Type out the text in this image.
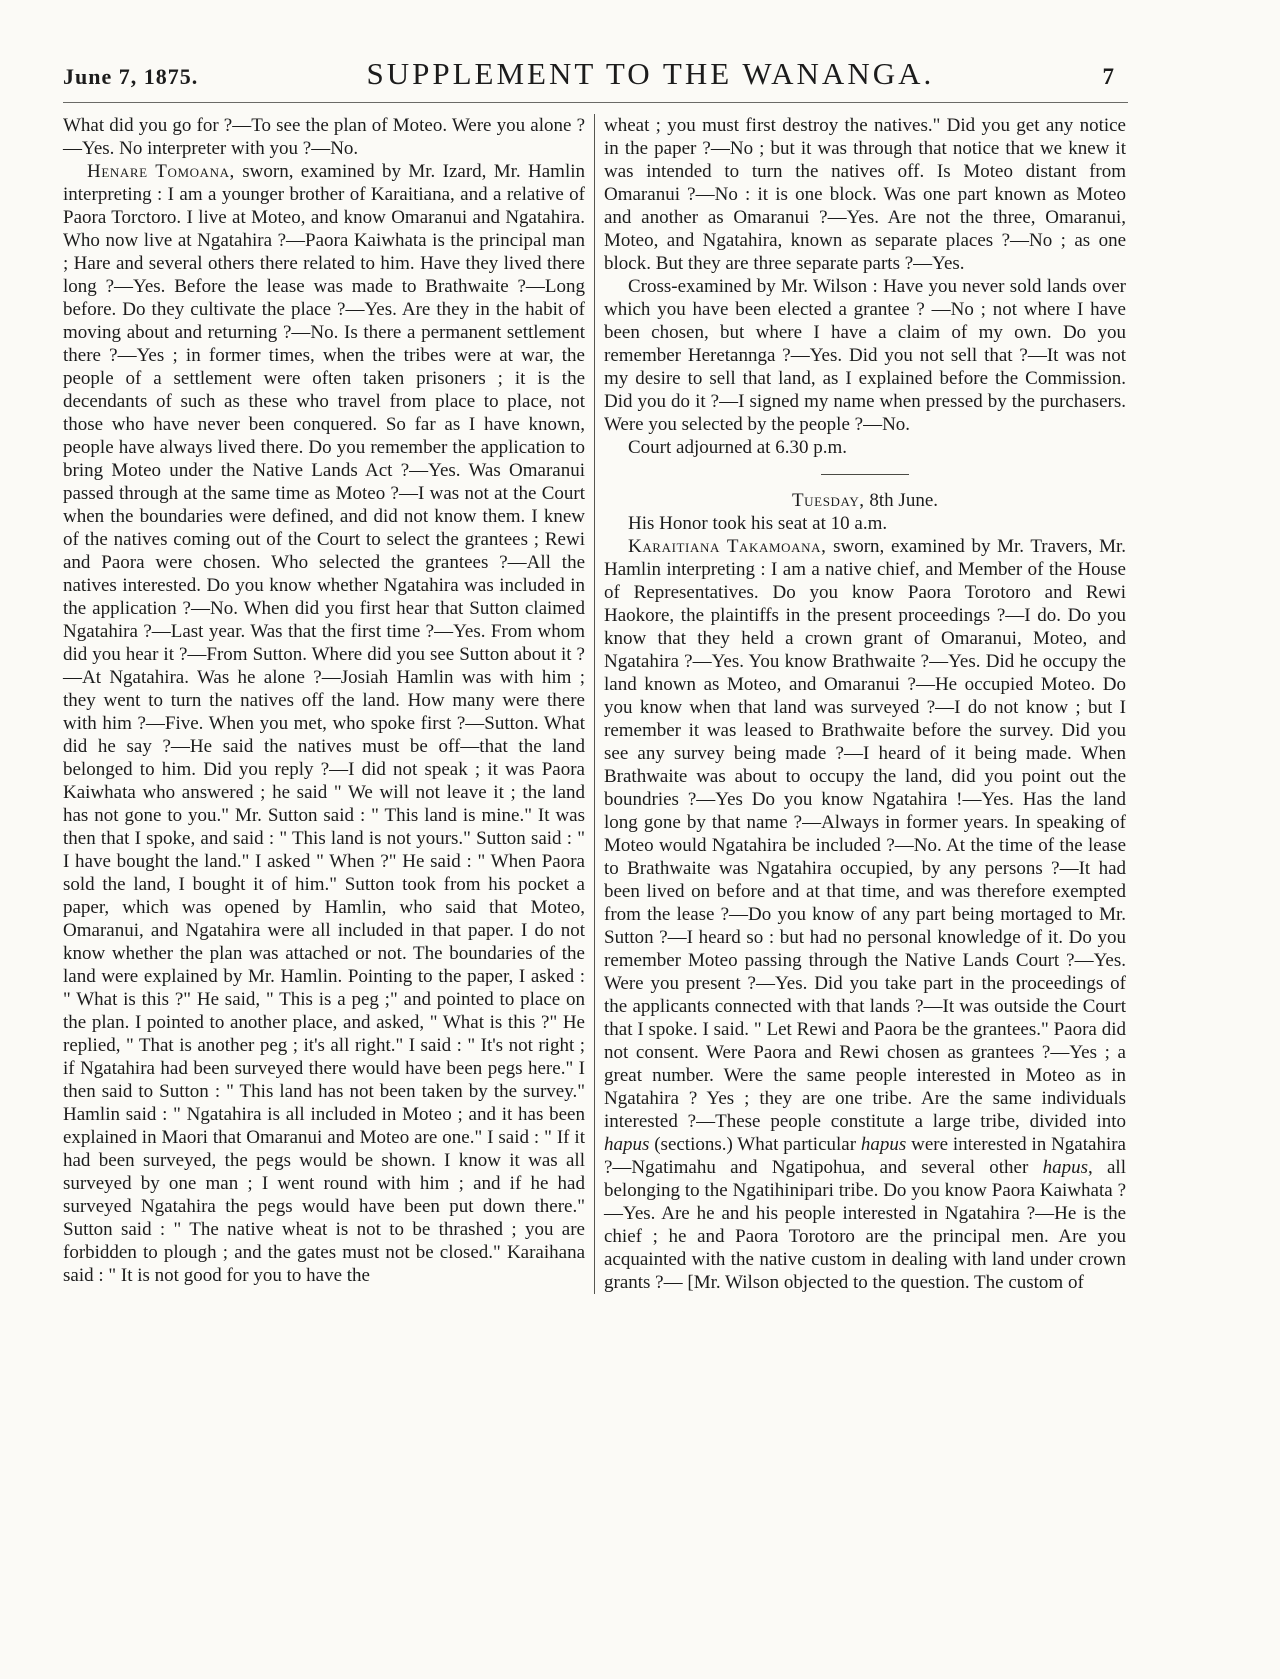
June 7, 1875.	SUPPLEMENT TO THE WANANGA.	7

What did you go for ?—To see the plan of Moteo. Were you alone ?—Yes. No interpreter with you ?—No.

Henare Tomoana, sworn, examined by Mr. Izard, Mr. Hamlin interpreting : I am a younger brother of Karaitiana, and a relative of Paora Torctoro. I live at Moteo, and know Omaranui and Ngatahira. Who now live at Ngatahira ?—Paora Kaiwhata is the principal man ; Hare and several others there related to him. Have they lived there long ?—Yes. Before the lease was made to Brathwaite ?—Long before. Do they cultivate the place ?—Yes. Are they in the habit of moving about and returning ?—No. Is there a permanent settlement there ?—Yes ; in former times, when the tribes were at war, the people of a settlement were often taken prisoners ; it is the decendants of such as these who travel from place to place, not those who have never been conquered. So far as I have known, people have always lived there. Do you remember the application to bring Moteo under the Native Lands Act ?—Yes. Was Omaranui passed through at the same time as Moteo ?—I was not at the Court when the boundaries were defined, and did not know them. I knew of the natives coming out of the Court to select the grantees ; Rewi and Paora were chosen. Who selected the grantees ?—All the natives interested. Do you know whether Ngatahira was included in the application ?—No. When did you first hear that Sutton claimed Ngatahira ?—Last year. Was that the first time ?—Yes. From whom did you hear it ?—From Sutton. Where did you see Sutton about it ?—At Ngatahira. Was he alone ?—Josiah Hamlin was with him ; they went to turn the natives off the land. How many were there with him ?—Five. When you met, who spoke first ?—Sutton. What did he say ?—He said the natives must be off—that the land belonged to him. Did you reply ?—I did not speak ; it was Paora Kaiwhata who answered ; he said " We will not leave it ; the land has not gone to you." Mr. Sutton said : " This land is mine." It was then that I spoke, and said : " This land is not yours." Sutton said : " I have bought the land." I asked " When ?" He said : " When Paora sold the land, I bought it of him." Sutton took from his pocket a paper, which was opened by Hamlin, who said that Moteo, Omaranui, and Ngatahira were all included in that paper. I do not know whether the plan was attached or not. The boundaries of the land were explained by Mr. Hamlin. Pointing to the paper, I asked : " What is this ?" He said, " This is a peg ;" and pointed to place on the plan. I pointed to another place, and asked, " What is this ?" He replied, " That is another peg ; it's all right." I said : " It's not right ; if Ngatahira had been surveyed there would have been pegs here." I then said to Sutton : " This land has not been taken by the survey." Hamlin said : " Ngatahira is all included in Moteo ; and it has been explained in Maori that Omaranui and Moteo are one." I said : " If it had been surveyed, the pegs would be shown. I know it was all surveyed by one man ; I went round with him ; and if he had surveyed Ngatahira the pegs would have been put down there." Sutton said : " The native wheat is not to be thrashed ; you are forbidden to plough ; and the gates must not be closed." Karaihana said : " It is not good for you to have the

wheat ; you must first destroy the natives." Did you get any notice in the paper ?—No ; but it was through that notice that we knew it was intended to turn the natives off. Is Moteo distant from Omaranui ?—No : it is one block. Was one part known as Moteo and another as Omaranui ?—Yes. Are not the three, Omaranui, Moteo, and Ngatahira, known as separate places ?—No ; as one block. But they are three separate parts ?—Yes.

Cross-examined by Mr. Wilson : Have you never sold lands over which you have been elected a grantee ? —No ; not where I have been chosen, but where I have a claim of my own. Do you remember Heretannga ?—Yes. Did you not sell that ?—It was not my desire to sell that land, as I explained before the Commission. Did you do it ?—I signed my name when pressed by the purchasers. Were you selected by the people ?—No.

Court adjourned at 6.30 p.m.

Tuesday, 8th June.

His Honor took his seat at 10 a.m.

Karaitiana Takamoana, sworn, examined by Mr. Travers, Mr. Hamlin interpreting : I am a native chief, and Member of the House of Representatives. Do you know Paora Torotoro and Rewi Haokore, the plaintiffs in the present proceedings ?—I do. Do you know that they held a crown grant of Omaranui, Moteo, and Ngatahira ?—Yes. You know Brathwaite ?—Yes. Did he occupy the land known as Moteo, and Omaranui ?—He occupied Moteo. Do you know when that land was surveyed ?—I do not know ; but I remember it was leased to Brathwaite before the survey. Did you see any survey being made ?—I heard of it being made. When Brathwaite was about to occupy the land, did you point out the boundries ?—Yes Do you know Ngatahira !—Yes. Has the land long gone by that name ?—Always in former years. In speaking of Moteo would Ngatahira be included ?—No. At the time of the lease to Brathwaite was Ngatahira occupied, by any persons ?—It had been lived on before and at that time, and was therefore exempted from the lease ?—Do you know of any part being mortaged to Mr. Sutton ?—I heard so : but had no personal knowledge of it. Do you remember Moteo passing through the Native Lands Court ?—Yes. Were you present ?—Yes. Did you take part in the proceedings of the applicants connected with that lands ?—It was outside the Court that I spoke. I said. " Let Rewi and Paora be the grantees." Paora did not consent. Were Paora and Rewi chosen as grantees ?—Yes ; a great number. Were the same people interested in Moteo as in Ngatahira ? Yes ; they are one tribe. Are the same individuals interested ?—These people constitute a large tribe, divided into hapus (sections.) What particular hapus were interested in Ngatahira ?—Ngatimahu and Ngatipohua, and several other hapus, all belonging to the Ngatihinipari tribe. Do you know Paora Kaiwhata ? —Yes. Are he and his people interested in Ngatahira ?—He is the chief ; he and Paora Torotoro are the principal men. Are you acquainted with the native custom in dealing with land under crown grants ?— [Mr. Wilson objected to the question. The custom of
